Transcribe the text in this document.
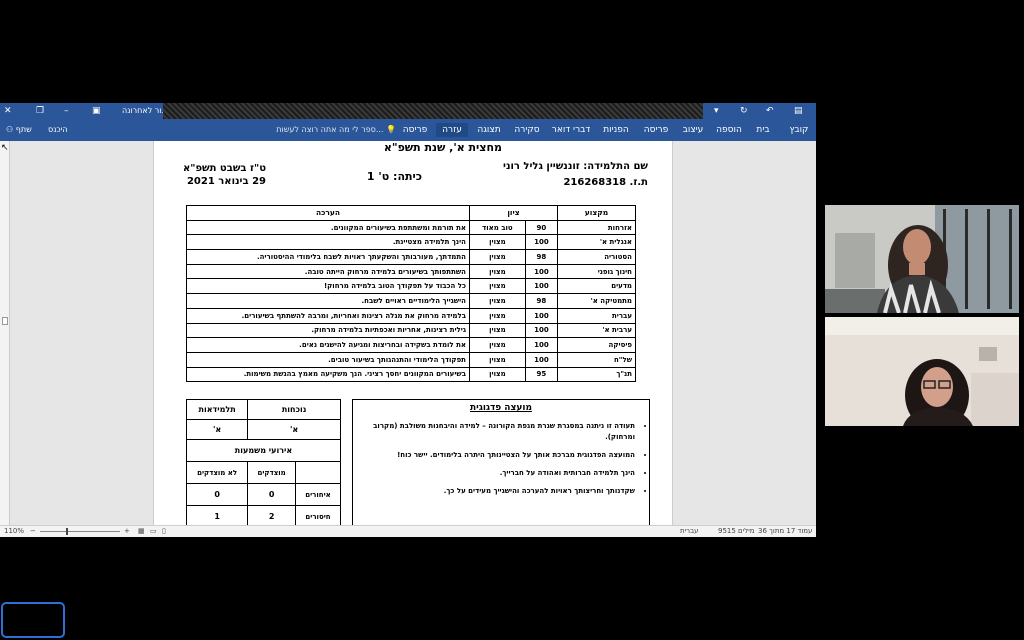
✕	❐ –	▣	ור לאחרונה	▾ ↻ ↶ ▤
היכנס
⚇ שתף	ספר לי מה אתה רוצה לעשות... 💡	קובץ
בית
הוספה
עיצוב
פריסה
הפניות
דברי דואר
סקירה
תצוגה
עזרה
פריסה
↖	מחצית א', שנת תשפ"א
שם התלמידה: זוננשיין גליל רוני
ת.ז. 216268318
כיתה: ט' 1
ט"ז בשבט תשפ"א
29 בינואר 2021
מקצוע	ציון		הערכה
אזרחות	90	טוב מאוד	את תורמת ומשתתפת בשיעורים המקוונים.
אנגלית א'	100	מצוין	הינך תלמידה מצטיינת.
הסטוריה	98	מצוין	התמדתך, מעורבותך והשקעתך ראויות לשבח בלימודי ההיסטוריה.
חינוך גופני	100	מצוין	השתתפותך בשיעורים בלמידה מרחוק הייתה טובה.
מדעים	100	מצוין	כל הכבוד על תפקודך הטוב בלמידה מרחוק!
מתמטיקה א'	98	מצוין	הישגייך הלימודיים ראויים לשבח.
עברית	100	מצוין	בלמידה מרחוק את מגלה רצינות ואחריות, ומרבה להשתתף בשיעורים.
ערבית א'	100	מצוין	גילית רצינות, אחריות ואכפתיות בלמידה מרחוק.
פיסיקה	100	מצוין	את לומדת בשקידה ובחריצות ומגיעה להישגים נאים.
של"ח	100	מצוין	תפקודך הלימודי והתנהגותך בשיעור טובים.
תנ"ך	95	מצוין	בשיעורים המקוונים יחסך רציני. הנך משקיעה מאמץ בהגשת משימות.
מועצה פדגוגית
• תעודה זו ניתנה במסגרת שגרת מגפת הקורונה – למידה והיבחנות משולבת (מקרוב ומרחוק).
• המועצה הפדגוגית מברכת אותך על הצטיינותך היתרה בלימודים. יישר כוח!
• הינך תלמידה חברותית ואהודה על חברייך.
• שקדנותך וחריצותך ראויות להערכה והישגייך מעידים על כך.
נוכחות		תלמידאות
א'		א'
אירועי משמעות		
	מוצדקים	לא מוצדקים
איחורים	0	0
חיסורים	2	1
110% −	+ ▦ ▭ ▯	עברית	9515 מילים עמוד 17 מתוך 36
